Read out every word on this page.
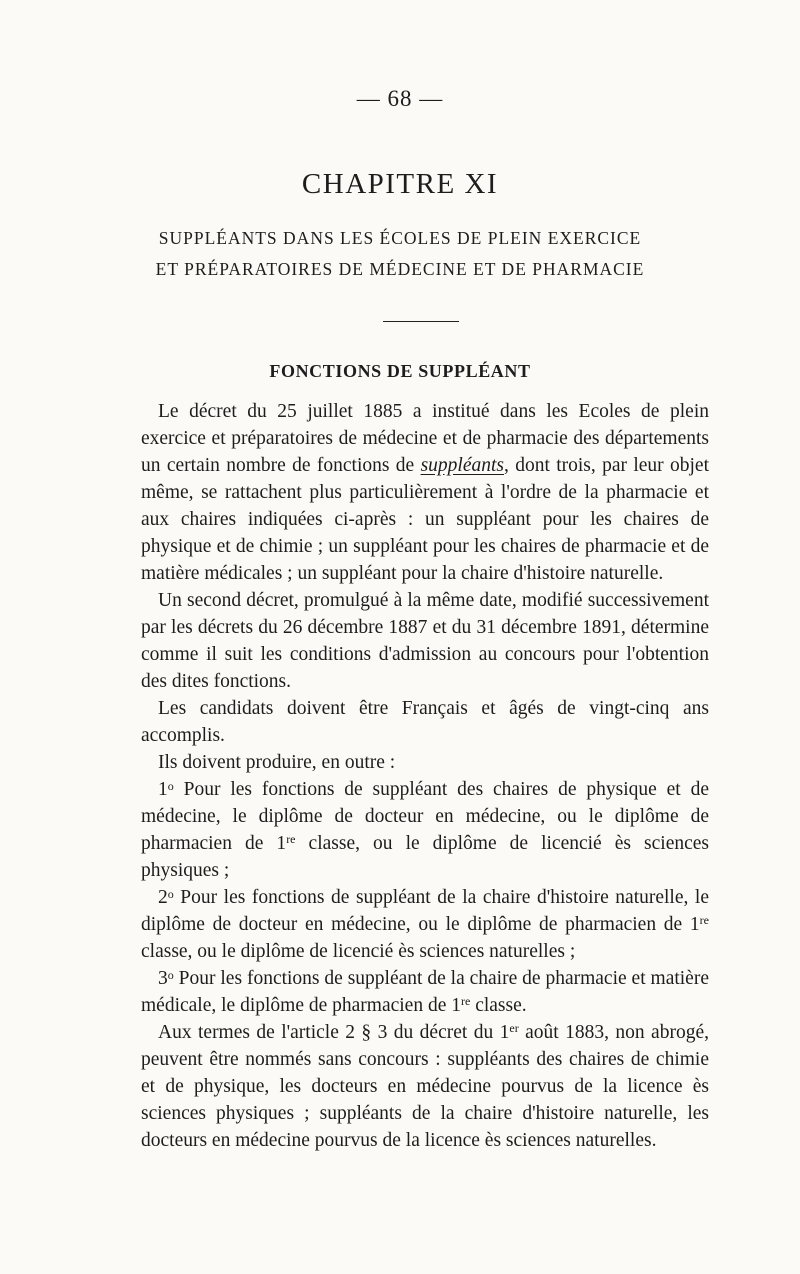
— 68 —
CHAPITRE XI
SUPPLÉANTS DANS LES ÉCOLES DE PLEIN EXERCICE
ET PRÉPARATOIRES DE MÉDECINE ET DE PHARMACIE
FONCTIONS DE SUPPLÉANT

Le décret du 25 juillet 1885 a institué dans les Ecoles de plein exercice et préparatoires de médecine et de pharmacie des départements un certain nombre de fonctions de suppléants, dont trois, par leur objet même, se rattachent plus particulièrement à l'ordre de la pharmacie et aux chaires indiquées ci-après : un suppléant pour les chaires de physique et de chimie ; un suppléant pour les chaires de pharmacie et de matière médicales ; un suppléant pour la chaire d'histoire naturelle.

Un second décret, promulgué à la même date, modifié successivement par les décrets du 26 décembre 1887 et du 31 décembre 1891, détermine comme il suit les conditions d'admission au concours pour l'obtention des dites fonctions.

Les candidats doivent être Français et âgés de vingt-cinq ans accomplis.

Ils doivent produire, en outre :

1$^o$ Pour les fonctions de suppléant des chaires de physique et de médecine, le diplôme de docteur en médecine, ou le diplôme de pharmacien de 1re classe, ou le diplôme de licencié ès sciences physiques ;

2$^o$ Pour les fonctions de suppléant de la chaire d'histoire naturelle, le diplôme de docteur en médecine, ou le diplôme de pharmacien de 1re classe, ou le diplôme de licencié ès sciences naturelles ;

3$^o$ Pour les fonctions de suppléant de la chaire de pharmacie et matière médicale, le diplôme de pharmacien de 1re classe.

Aux termes de l'article 2 § 3 du décret du 1er août 1883, non abrogé, peuvent être nommés sans concours : suppléants des chaires de chimie et de physique, les docteurs en médecine pourvus de la licence ès sciences physiques ; suppléants de la chaire d'histoire naturelle, les docteurs en médecine pourvus de la licence ès sciences naturelles.
